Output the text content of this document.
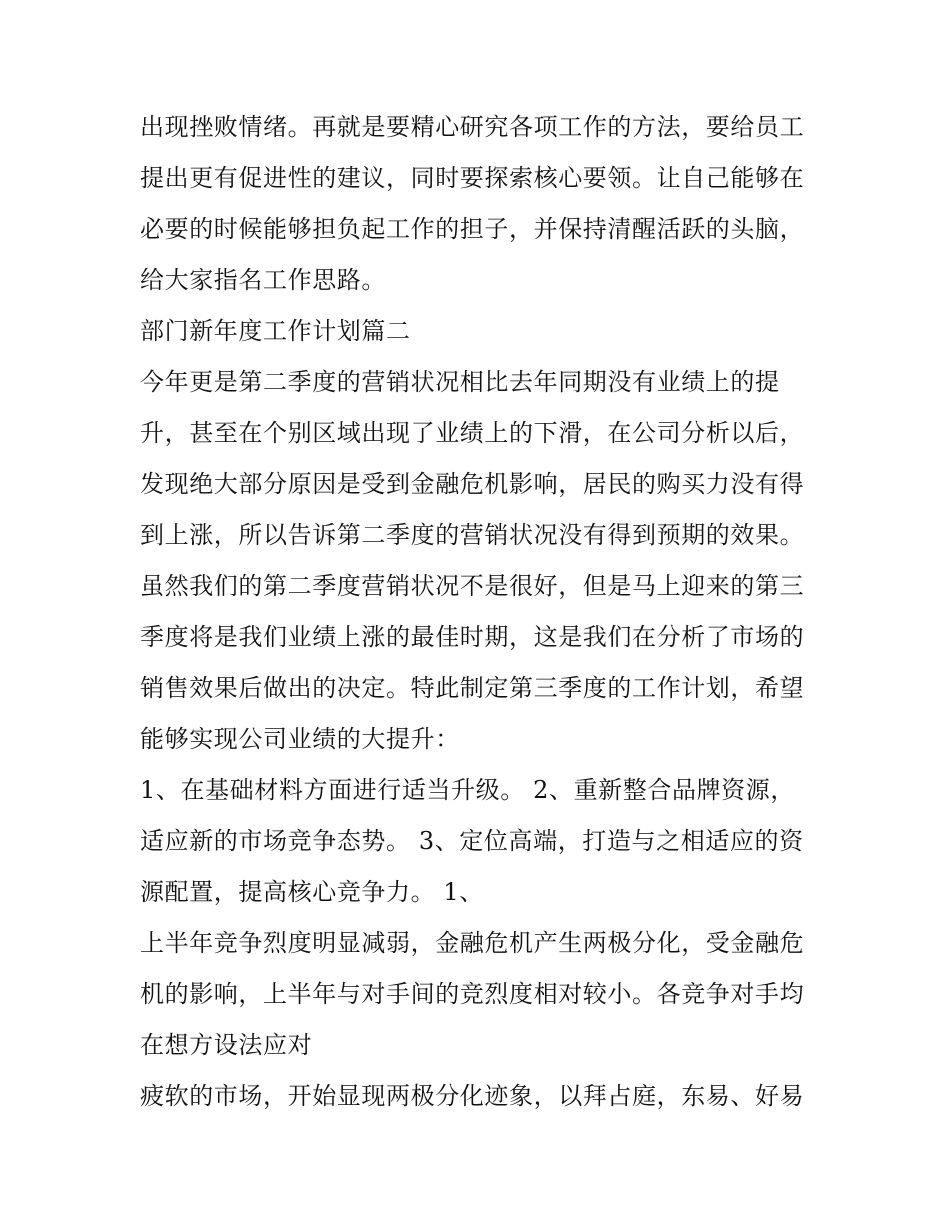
出现挫败情绪。再就是要精心研究各项工作的方法，要给员工

提出更有促进性的建议，同时要探索核心要领。让自己能够在

必要的时候能够担负起工作的担子，并保持清醒活跃的头脑，

给大家指名工作思路。

部门新年度工作计划篇二

今年更是第二季度的营销状况相比去年同期没有业绩上的提

升，甚至在个别区域出现了业绩上的下滑，在公司分析以后，

发现绝大部分原因是受到金融危机影响，居民的购买力没有得

到上涨，所以告诉第二季度的营销状况没有得到预期的效果。

虽然我们的第二季度营销状况不是很好，但是马上迎来的第三

季度将是我们业绩上涨的最佳时期，这是我们在分析了市场的

销售效果后做出的决定。特此制定第三季度的工作计划，希望

能够实现公司业绩的大提升：

1、在基础材料方面进行适当升级。 2、重新整合品牌资源，

适应新的市场竞争态势。 3、定位高端，打造与之相适应的资

源配置，提高核心竞争力。 1、

上半年竞争烈度明显减弱，金融危机产生两极分化，受金融危

机的影响，上半年与对手间的竞烈度相对较小。各竞争对手均

在想方设法应对

疲软的市场，开始显现两极分化迹象，以拜占庭，东易、好易
